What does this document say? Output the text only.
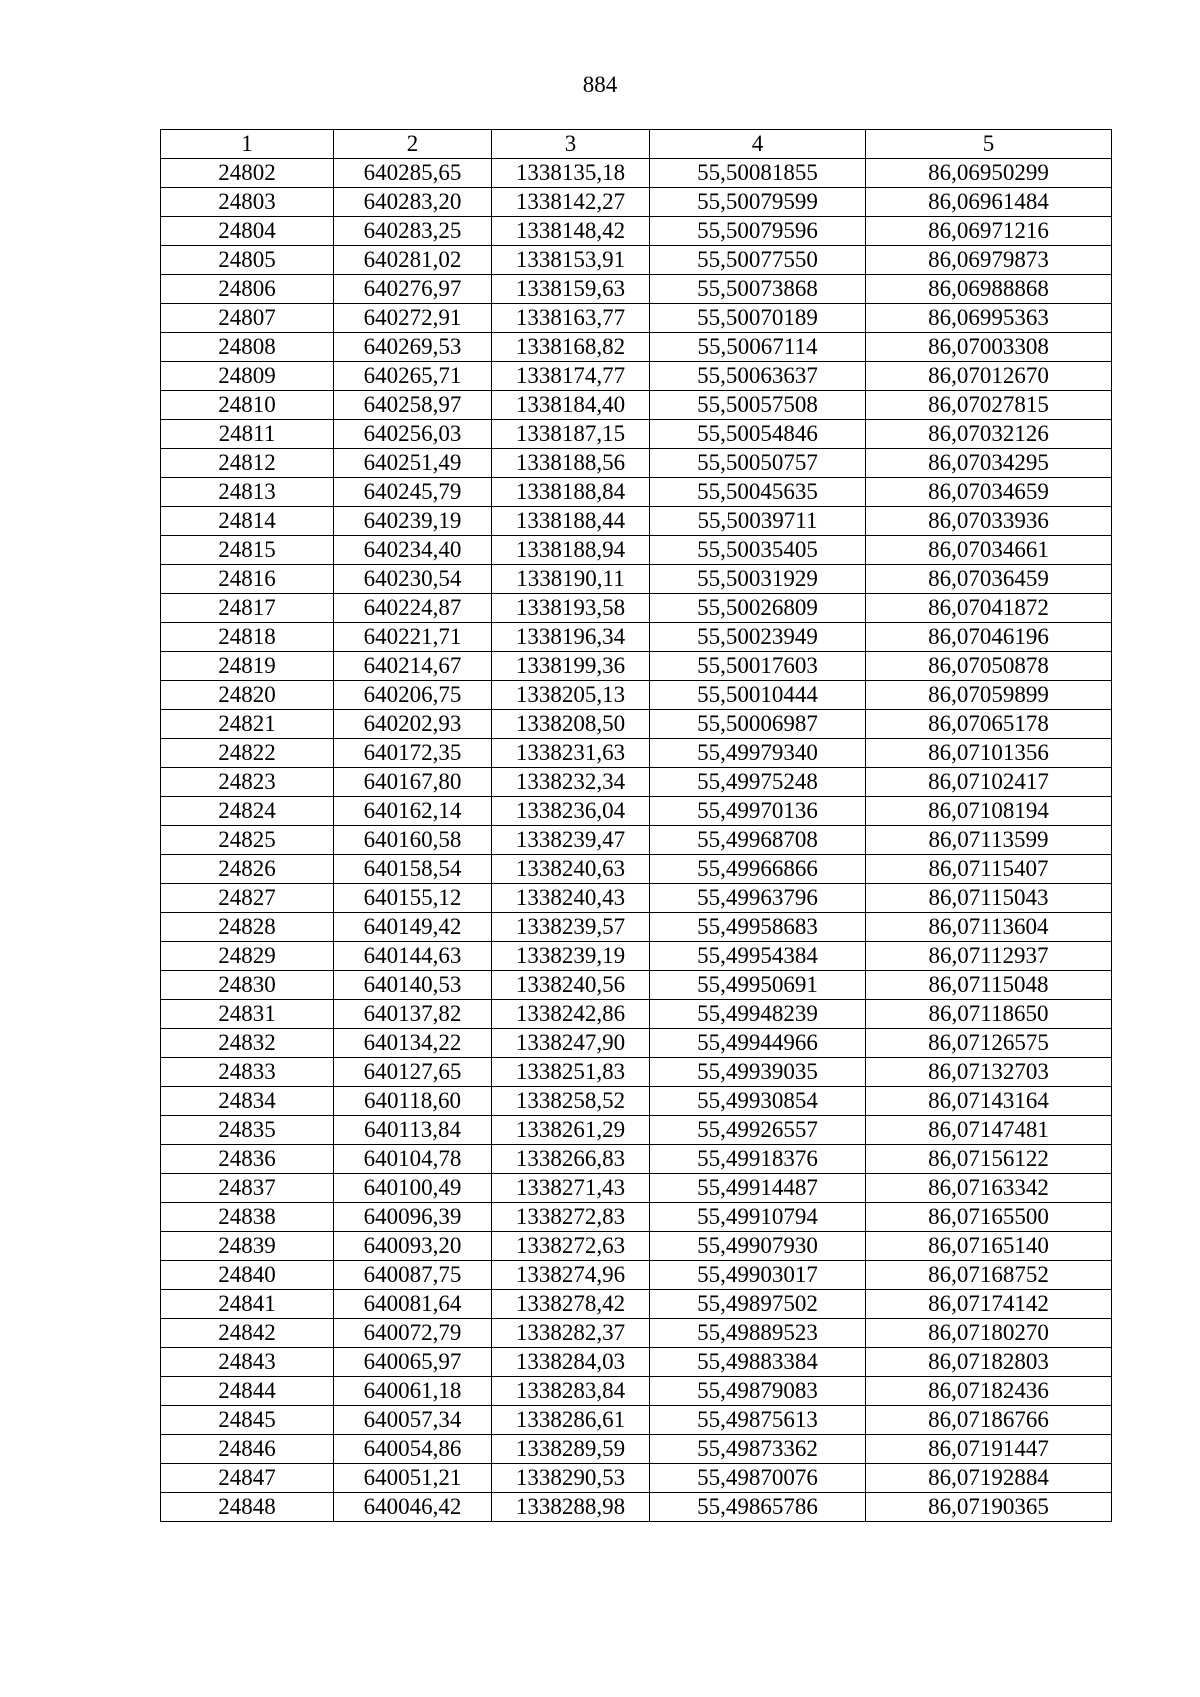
884
1	2	3	4	5
24802	640285,65	1338135,18	55,50081855	86,06950299
24803	640283,20	1338142,27	55,50079599	86,06961484
24804	640283,25	1338148,42	55,50079596	86,06971216
24805	640281,02	1338153,91	55,50077550	86,06979873
24806	640276,97	1338159,63	55,50073868	86,06988868
24807	640272,91	1338163,77	55,50070189	86,06995363
24808	640269,53	1338168,82	55,50067114	86,07003308
24809	640265,71	1338174,77	55,50063637	86,07012670
24810	640258,97	1338184,40	55,50057508	86,07027815
24811	640256,03	1338187,15	55,50054846	86,07032126
24812	640251,49	1338188,56	55,50050757	86,07034295
24813	640245,79	1338188,84	55,50045635	86,07034659
24814	640239,19	1338188,44	55,50039711	86,07033936
24815	640234,40	1338188,94	55,50035405	86,07034661
24816	640230,54	1338190,11	55,50031929	86,07036459
24817	640224,87	1338193,58	55,50026809	86,07041872
24818	640221,71	1338196,34	55,50023949	86,07046196
24819	640214,67	1338199,36	55,50017603	86,07050878
24820	640206,75	1338205,13	55,50010444	86,07059899
24821	640202,93	1338208,50	55,50006987	86,07065178
24822	640172,35	1338231,63	55,49979340	86,07101356
24823	640167,80	1338232,34	55,49975248	86,07102417
24824	640162,14	1338236,04	55,49970136	86,07108194
24825	640160,58	1338239,47	55,49968708	86,07113599
24826	640158,54	1338240,63	55,49966866	86,07115407
24827	640155,12	1338240,43	55,49963796	86,07115043
24828	640149,42	1338239,57	55,49958683	86,07113604
24829	640144,63	1338239,19	55,49954384	86,07112937
24830	640140,53	1338240,56	55,49950691	86,07115048
24831	640137,82	1338242,86	55,49948239	86,07118650
24832	640134,22	1338247,90	55,49944966	86,07126575
24833	640127,65	1338251,83	55,49939035	86,07132703
24834	640118,60	1338258,52	55,49930854	86,07143164
24835	640113,84	1338261,29	55,49926557	86,07147481
24836	640104,78	1338266,83	55,49918376	86,07156122
24837	640100,49	1338271,43	55,49914487	86,07163342
24838	640096,39	1338272,83	55,49910794	86,07165500
24839	640093,20	1338272,63	55,49907930	86,07165140
24840	640087,75	1338274,96	55,49903017	86,07168752
24841	640081,64	1338278,42	55,49897502	86,07174142
24842	640072,79	1338282,37	55,49889523	86,07180270
24843	640065,97	1338284,03	55,49883384	86,07182803
24844	640061,18	1338283,84	55,49879083	86,07182436
24845	640057,34	1338286,61	55,49875613	86,07186766
24846	640054,86	1338289,59	55,49873362	86,07191447
24847	640051,21	1338290,53	55,49870076	86,07192884
24848	640046,42	1338288,98	55,49865786	86,07190365
